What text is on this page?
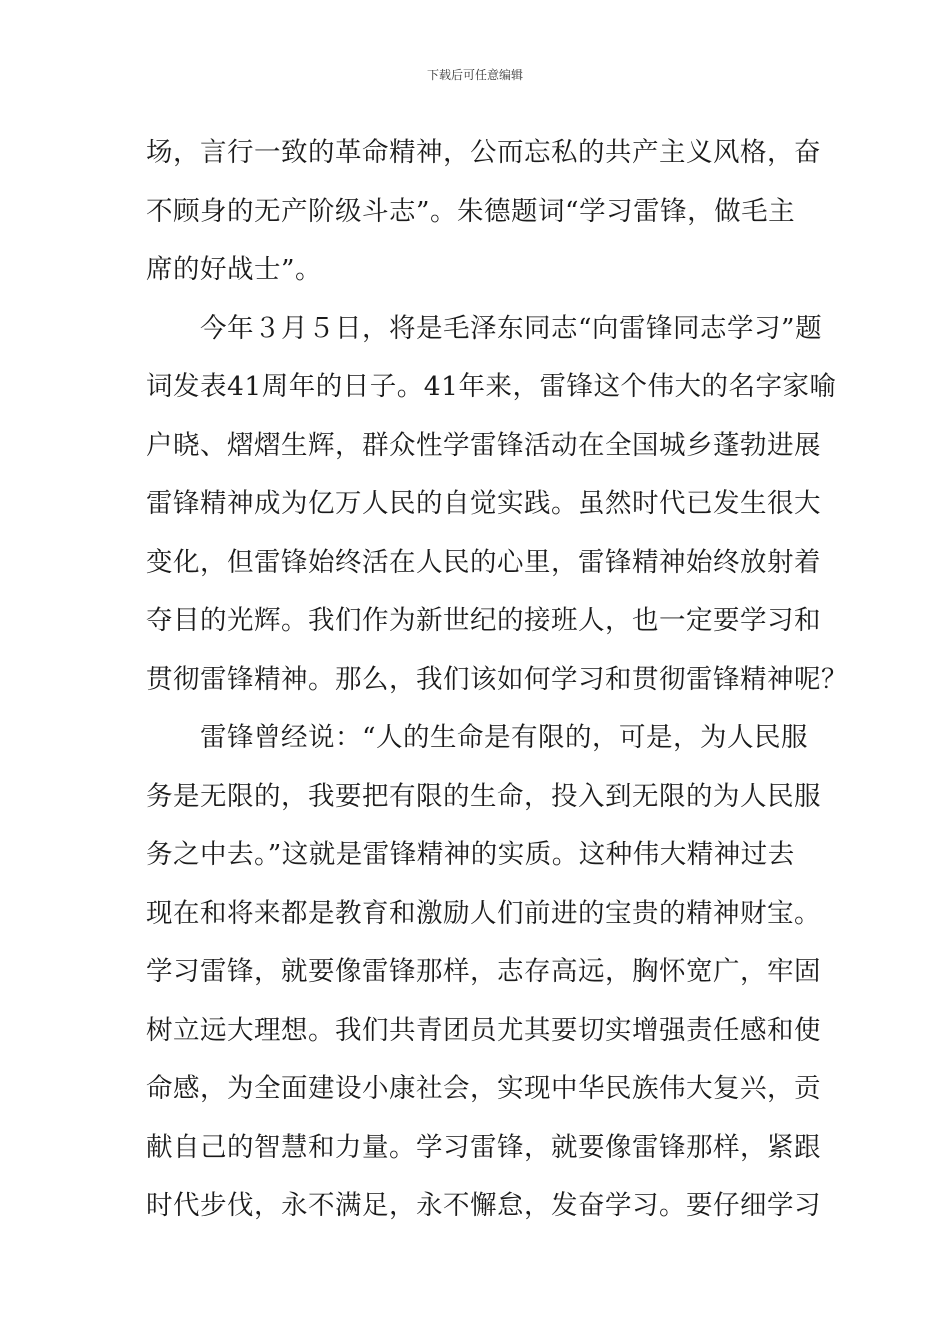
下载后可任意编辑
场，言行一致的革命精神，公而忘私的共产主义风格，奋
不顾身的无产阶级斗志”。朱德题词“学习雷锋，做毛主
席的好战士”。
　　今年３月５日，将是毛泽东同志“向雷锋同志学习”题
词发表41周年的日子。41年来，雷锋这个伟大的名字家喻
户晓、熠熠生辉，群众性学雷锋活动在全国城乡蓬勃进展
雷锋精神成为亿万人民的自觉实践。虽然时代已发生很大
变化，但雷锋始终活在人民的心里，雷锋精神始终放射着
夺目的光辉。我们作为新世纪的接班人，也一定要学习和
贯彻雷锋精神。那么，我们该如何学习和贯彻雷锋精神呢？
　　雷锋曾经说：“人的生命是有限的，可是，为人民服
务是无限的，我要把有限的生命，投入到无限的为人民服
务之中去。”这就是雷锋精神的实质。这种伟大精神过去
现在和将来都是教育和激励人们前进的宝贵的精神财宝。
学习雷锋，就要像雷锋那样，志存高远，胸怀宽广，牢固
树立远大理想。我们共青团员尤其要切实增强责任感和使
命感，为全面建设小康社会，实现中华民族伟大复兴，贡
献自己的智慧和力量。学习雷锋，就要像雷锋那样，紧跟
时代步伐，永不满足，永不懈怠，发奋学习。要仔细学习
